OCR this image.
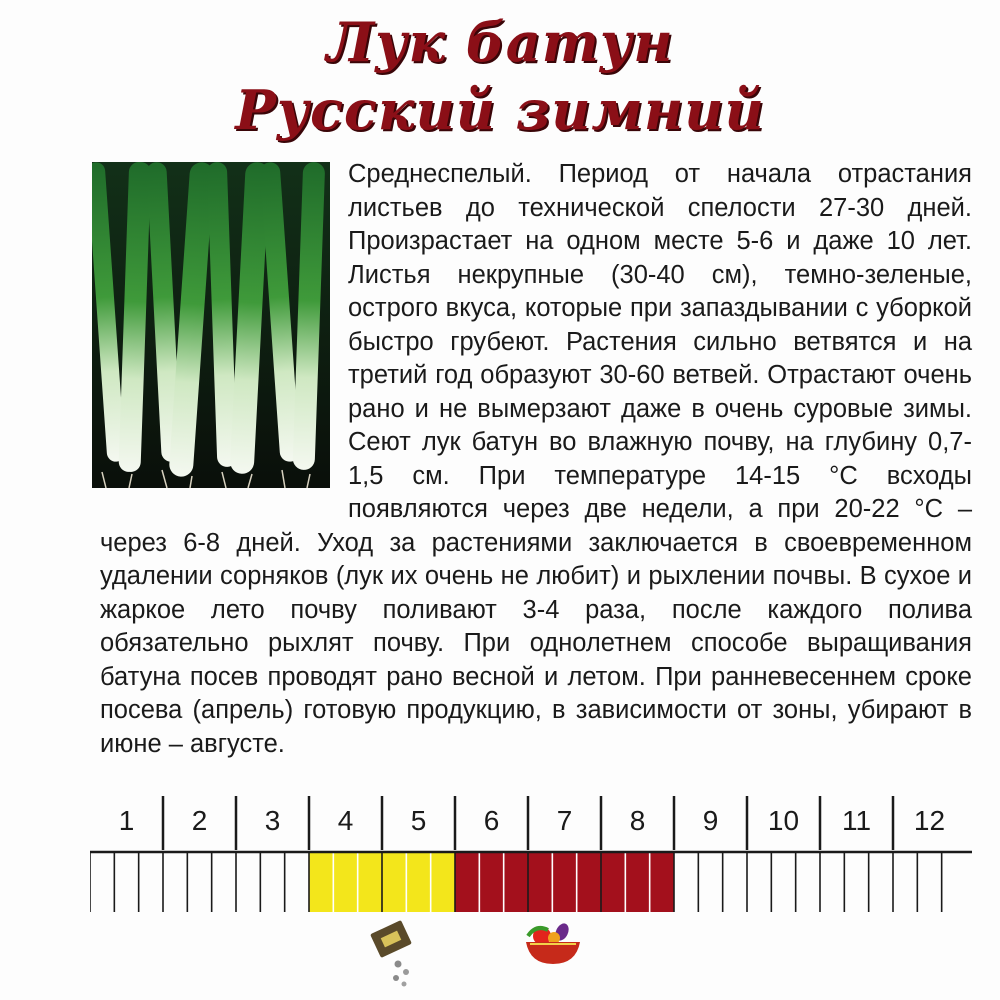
Лук батун
Русский зимний

Среднеспелый. Период от начала отрастания листьев до технической спелости 27-30 дней. Произрастает на одном месте 5-6 и даже 10 лет. Листья некрупные (30-40 см), темно-зеленые, острого вкуса, которые при запаздывании с уборкой быстро грубеют. Растения сильно ветвятся и на третий год образуют 30-60 ветвей. Отрастают очень рано и не вымерзают даже в очень суровые зимы. Сеют лук батун во влажную почву, на глубину 0,7-1,5 см. При температуре 14-15 °С всходы появляются через две недели, а при 20-22 °С – через 6-8 дней. Уход за растениями заключается в своевременном удалении сорняков (лук их очень не любит) и рыхлении почвы. В сухое и жаркое лето почву поливают 3-4 раза, после каждого полива обязательно рыхлят почву. При однолетнем способе выращивания батуна посев проводят рано весной и летом. При ранневесеннем сроке посева (апрель) готовую продукцию, в зависимости от зоны, убирают в июне – августе.

1 2 3 4 5 6 7 8 9 10 11 12
